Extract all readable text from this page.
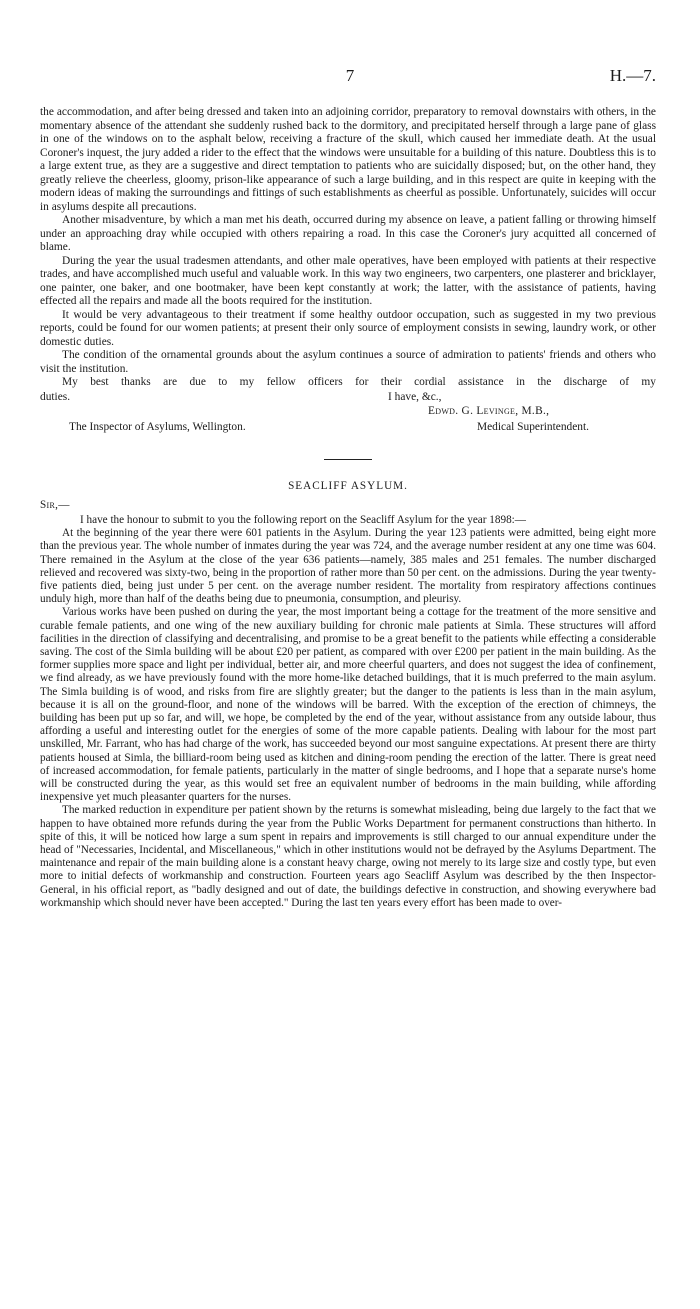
7	H.—7.

the accommodation, and after being dressed and taken into an adjoining corridor, preparatory to removal downstairs with others, in the momentary absence of the attendant she suddenly rushed back to the dormitory, and precipitated herself through a large pane of glass in one of the windows on to the asphalt below, receiving a fracture of the skull, which caused her immediate death. At the usual Coroner's inquest, the jury added a rider to the effect that the windows were unsuitable for a building of this nature. Doubtless this is to a large extent true, as they are a suggestive and direct temptation to patients who are suicidally disposed; but, on the other hand, they greatly relieve the cheerless, gloomy, prison-like appearance of such a large building, and in this respect are quite in keeping with the modern ideas of making the surroundings and fittings of such establishments as cheerful as possible. Unfortunately, suicides will occur in asylums despite all precautions.

Another misadventure, by which a man met his death, occurred during my absence on leave, a patient falling or throwing himself under an approaching dray while occupied with others repairing a road. In this case the Coroner's jury acquitted all concerned of blame.

During the year the usual tradesmen attendants, and other male operatives, have been employed with patients at their respective trades, and have accomplished much useful and valuable work. In this way two engineers, two carpenters, one plasterer and bricklayer, one painter, one baker, and one bootmaker, have been kept constantly at work; the latter, with the assistance of patients, having effected all the repairs and made all the boots required for the institution.

It would be very advantageous to their treatment if some healthy outdoor occupation, such as suggested in my two previous reports, could be found for our women patients; at present their only source of employment consists in sewing, laundry work, or other domestic duties.

The condition of the ornamental grounds about the asylum continues a source of admiration to patients' friends and others who visit the institution.

My best thanks are due to my fellow officers for their cordial assistance in the discharge of my

duties.	I have, &c.,
Edwd. G. Levinge, M.B.,
The Inspector of Asylums, Wellington.	Medical Superintendent.
SEACLIFF ASYLUM.
Sir,—

I have the honour to submit to you the following report on the Seacliff Asylum for the year 1898:—

At the beginning of the year there were 601 patients in the Asylum. During the year 123 patients were admitted, being eight more than the previous year. The whole number of inmates during the year was 724, and the average number resident at any one time was 604. There remained in the Asylum at the close of the year 636 patients—namely, 385 males and 251 females. The number discharged relieved and recovered was sixty-two, being in the proportion of rather more than 50 per cent. on the admissions. During the year twenty-five patients died, being just under 5 per cent. on the average number resident. The mortality from respiratory affections continues unduly high, more than half of the deaths being due to pneumonia, consumption, and pleurisy.

Various works have been pushed on during the year, the most important being a cottage for the treatment of the more sensitive and curable female patients, and one wing of the new auxiliary building for chronic male patients at Simla. These structures will afford facilities in the direction of classifying and decentralising, and promise to be a great benefit to the patients while effecting a considerable saving. The cost of the Simla building will be about £20 per patient, as compared with over £200 per patient in the main building. As the former supplies more space and light per individual, better air, and more cheerful quarters, and does not suggest the idea of confinement, we find already, as we have previously found with the more home-like detached buildings, that it is much preferred to the main asylum. The Simla building is of wood, and risks from fire are slightly greater; but the danger to the patients is less than in the main asylum, because it is all on the ground-floor, and none of the windows will be barred. With the exception of the erection of chimneys, the building has been put up so far, and will, we hope, be completed by the end of the year, without assistance from any outside labour, thus affording a useful and interesting outlet for the energies of some of the more capable patients. Dealing with labour for the most part unskilled, Mr. Farrant, who has had charge of the work, has succeeded beyond our most sanguine expectations. At present there are thirty patients housed at Simla, the billiard-room being used as kitchen and dining-room pending the erection of the latter. There is great need of increased accommodation, for female patients, particularly in the matter of single bedrooms, and I hope that a separate nurse's home will be constructed during the year, as this would set free an equivalent number of bedrooms in the main building, while affording inexpensive yet much pleasanter quarters for the nurses.

The marked reduction in expenditure per patient shown by the returns is somewhat misleading, being due largely to the fact that we happen to have obtained more refunds during the year from the Public Works Department for permanent constructions than hitherto. In spite of this, it will be noticed how large a sum spent in repairs and improvements is still charged to our annual expenditure under the head of "Necessaries, Incidental, and Miscellaneous," which in other institutions would not be defrayed by the Asylums Department. The maintenance and repair of the main building alone is a constant heavy charge, owing not merely to its large size and costly type, but even more to initial defects of workmanship and construction. Fourteen years ago Seacliff Asylum was described by the then Inspector-General, in his official report, as "badly designed and out of date, the buildings defective in construction, and showing everywhere bad workmanship which should never have been accepted." During the last ten years every effort has been made to over-
